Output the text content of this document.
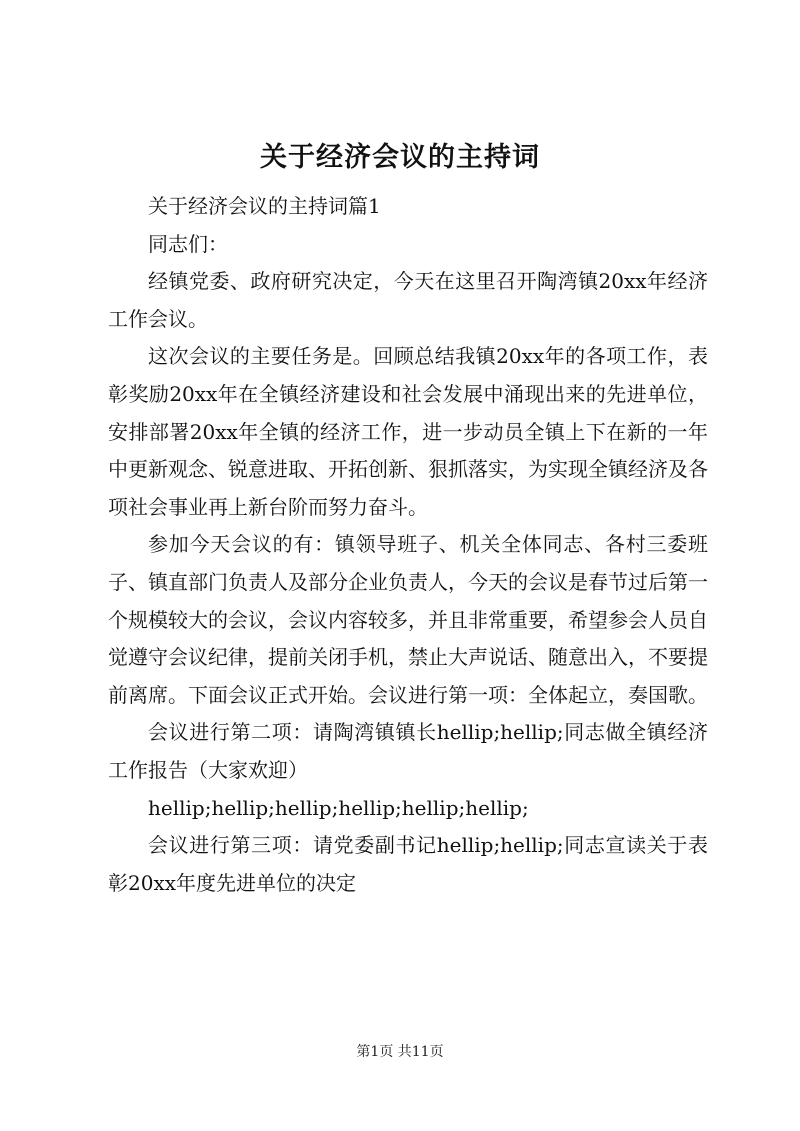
关于经济会议的主持词

关于经济会议的主持词篇1

同志们：

经镇党委、政府研究决定，今天在这里召开陶湾镇20xx年经济工作会议。

这次会议的主要任务是。回顾总结我镇20xx年的各项工作，表彰奖励20xx年在全镇经济建设和社会发展中涌现出来的先进单位，安排部署20xx年全镇的经济工作，进一步动员全镇上下在新的一年中更新观念、锐意进取、开拓创新、狠抓落实，为实现全镇经济及各项社会事业再上新台阶而努力奋斗。

参加今天会议的有：镇领导班子、机关全体同志、各村三委班子、镇直部门负责人及部分企业负责人，今天的会议是春节过后第一个规模较大的会议，会议内容较多，并且非常重要，希望参会人员自觉遵守会议纪律，提前关闭手机，禁止大声说话、随意出入，不要提前离席。下面会议正式开始。会议进行第一项：全体起立，奏国歌。

会议进行第二项：请陶湾镇镇长hellip;hellip;同志做全镇经济工作报告（大家欢迎）

hellip;hellip;hellip;hellip;hellip;hellip;

会议进行第三项：请党委副书记hellip;hellip;同志宣读关于表彰20xx年度先进单位的决定

第1页 共11页
